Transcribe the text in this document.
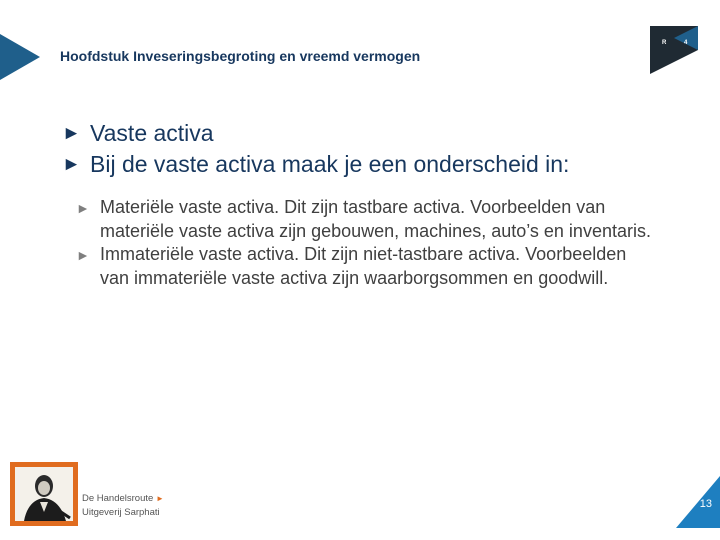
Hoofdstuk Inveseringsbegroting en vreemd vermogen
R	4
► Vaste activa
► Bij de vaste activa maak je een onderscheid in:
► Materiële vaste activa. Dit zijn tastbare activa. Voorbeelden van materiële vaste activa zijn gebouwen, machines, auto’s en inventaris.
► Immateriële vaste activa. Dit zijn niet-tastbare activa. Voorbeelden van immateriële vaste activa zijn waarborgsommen en goodwill.
De Handelsroute ►
Uitgeverij Sarphati
13
